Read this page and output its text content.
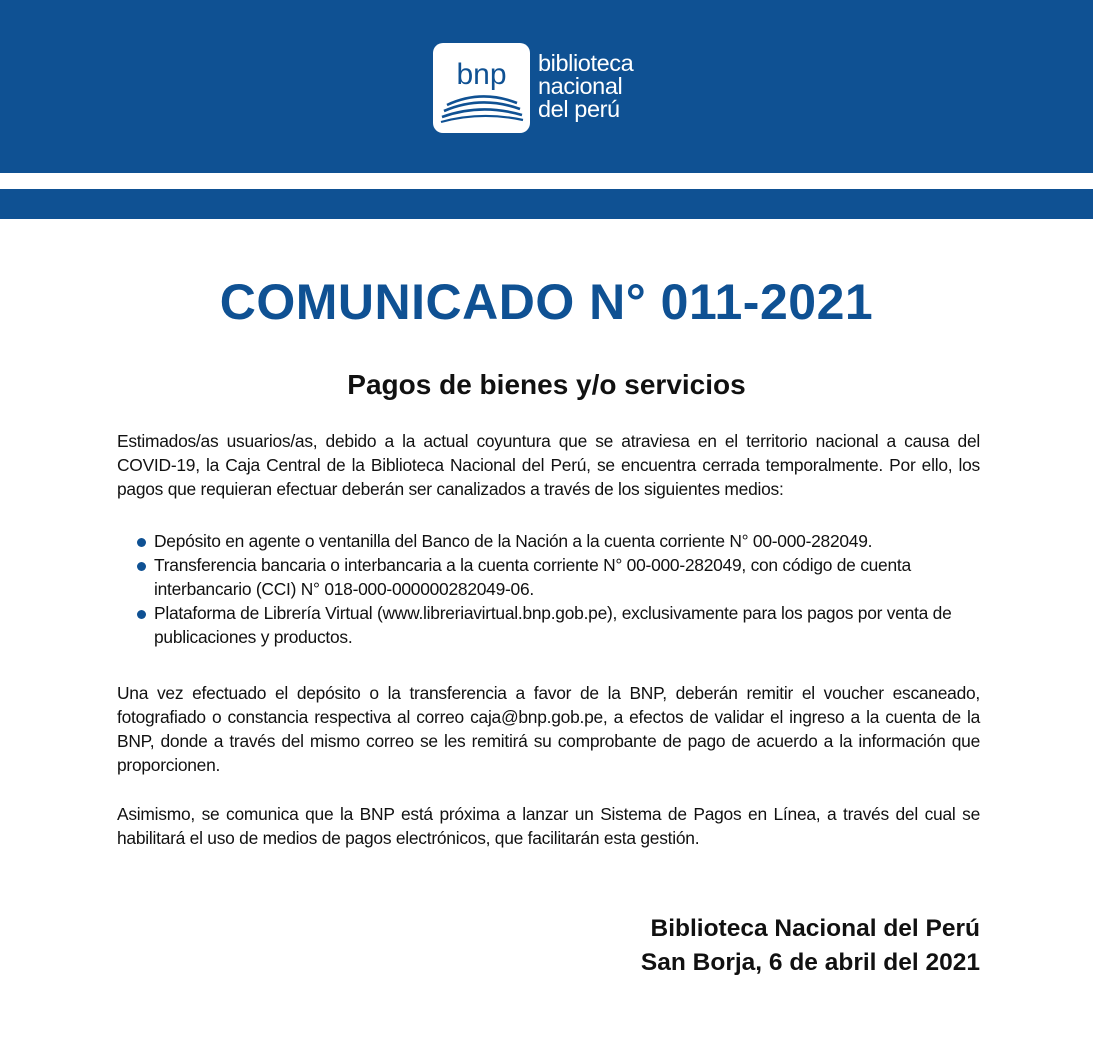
bnp biblioteca
nacional
del perú
COMUNICADO N° 011-2021
Pagos de bienes y/o servicios

Estimados/as usuarios/as, debido a la actual coyuntura que se atraviesa en el territorio nacional a causa del COVID-19, la Caja Central de la Biblioteca Nacional del Perú, se encuentra cerrada temporalmente. Por ello, los pagos que requieran efectuar deberán ser canalizados a través de los siguientes medios:

Depósito en agente o ventanilla del Banco de la Nación a la cuenta corriente N° 00-000-282049.
Transferencia bancaria o interbancaria a la cuenta corriente N° 00-000-282049, con código de cuenta interbancario (CCI) N° 018-000-000000282049-06.
Plataforma de Librería Virtual (www.libreriavirtual.bnp.gob.pe), exclusivamente para los pagos por venta de publicaciones y productos.

Una vez efectuado el depósito o la transferencia a favor de la BNP, deberán remitir el voucher escaneado, fotografiado o constancia respectiva al correo caja@bnp.gob.pe, a efectos de validar el ingreso a la cuenta de la BNP, donde a través del mismo correo se les remitirá su comprobante de pago de acuerdo a la información que proporcionen.

Asimismo, se comunica que la BNP está próxima a lanzar un Sistema de Pagos en Línea, a través del cual se habilitará el uso de medios de pagos electrónicos, que facilitarán esta gestión.

Biblioteca Nacional del Perú
San Borja, 6 de abril del 2021
